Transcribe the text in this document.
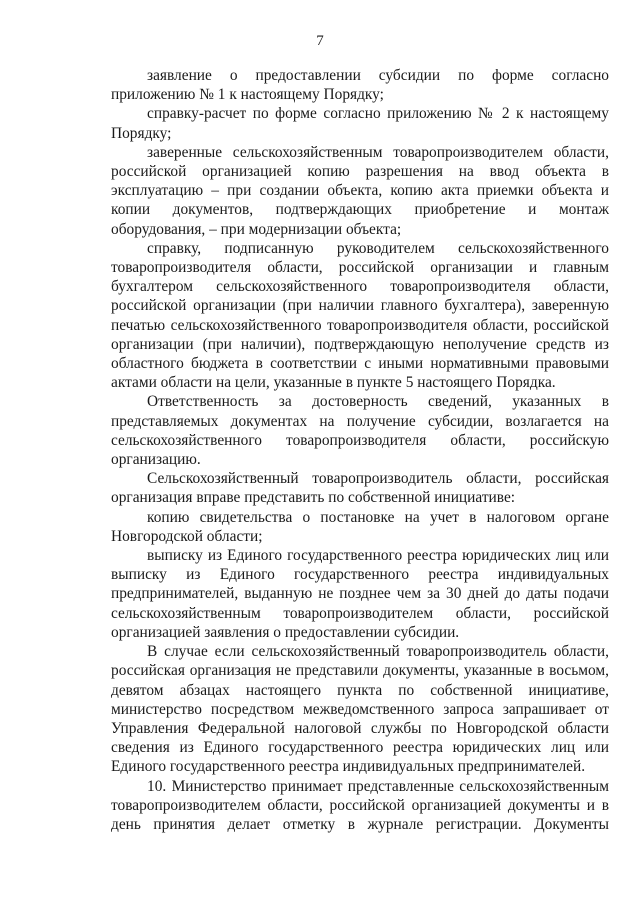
7

заявление о предоставлении субсидии по форме согласно приложению № 1 к настоящему Порядку;

справку-расчет по форме согласно приложению № 2 к настоящему Порядку;

заверенные сельскохозяйственным товаропроизводителем области, российской организацией копию разрешения на ввод объекта в эксплуатацию – при создании объекта, копию акта приемки объекта и копии документов, подтверждающих приобретение и монтаж оборудования, – при модернизации объекта;

справку, подписанную руководителем сельскохозяйственного товаропроизводителя области, российской организации и главным бухгалтером сельскохозяйственного товаропроизводителя области, российской организации (при наличии главного бухгалтера), заверенную печатью сельскохозяйственного товаропроизводителя области, российской организации (при наличии), подтверждающую неполучение средств из областного бюджета в соответствии с иными нормативными правовыми актами области на цели, указанные в пункте 5 настоящего Порядка.

Ответственность за достоверность сведений, указанных в представляемых документах на получение субсидии, возлагается на сельскохозяйственного товаропроизводителя области, российскую организацию.

Сельскохозяйственный товаропроизводитель области, российская организация вправе представить по собственной инициативе:

копию свидетельства о постановке на учет в налоговом органе Новгородской области;

выписку из Единого государственного реестра юридических лиц или выписку из Единого государственного реестра индивидуальных предпринимателей, выданную не позднее чем за 30 дней до даты подачи сельскохозяйственным товаропроизводителем области, российской организацией заявления о предоставлении субсидии.

В случае если сельскохозяйственный товаропроизводитель области, российская организация не представили документы, указанные в восьмом, девятом абзацах настоящего пункта по собственной инициативе, министерство посредством межведомственного запроса запрашивает от Управления Федеральной налоговой службы по Новгородской области сведения из Единого государственного реестра юридических лиц или Единого государственного реестра индивидуальных предпринимателей.

10. Министерство принимает представленные сельскохозяйственным товаропроизводителем области, российской организацией документы и в день принятия делает отметку в журнале регистрации. Документы
